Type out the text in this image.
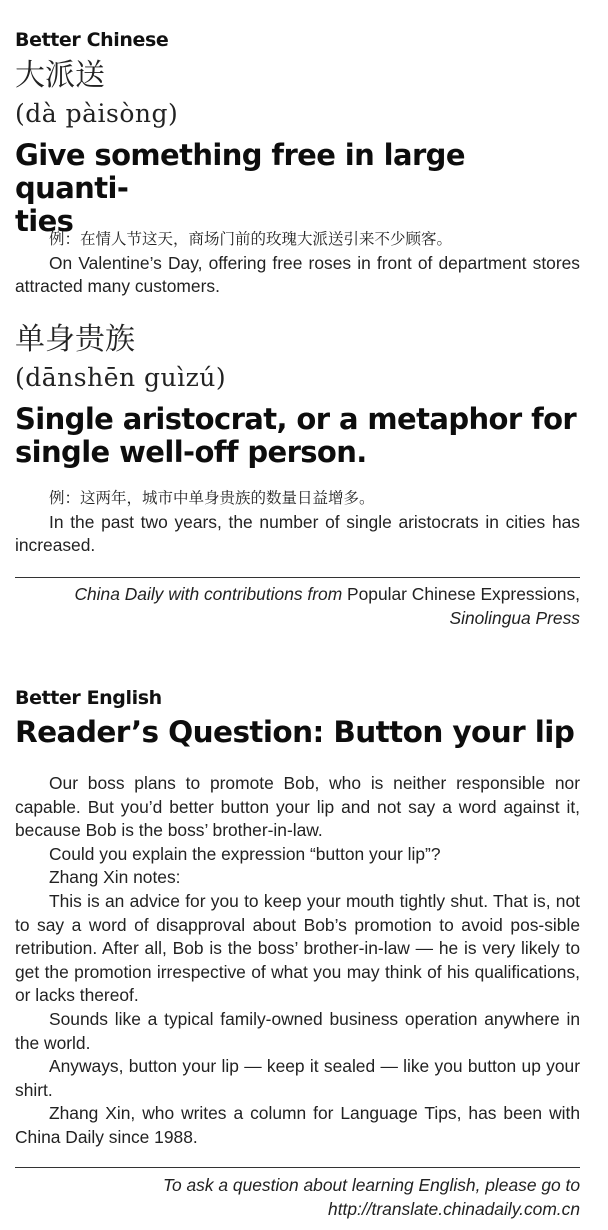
Better Chinese
大派送
(dà pàisòng)
Give something free in large quanti-
ties
例：在情人节这天，商场门前的玫瑰大派送引来不少顾客。

On Valentine’s Day, offering free roses in front of department stores attracted many customers.

单身贵族
(dānshēn guìzú)
Single aristocrat, or a metaphor for
single well-off person.
例：这两年，城市中单身贵族的数量日益增多。

In the past two years, the number of single aristocrats in cities has increased.

China Daily with contributions from Popular Chinese Expressions,
Sinolingua Press
Better English
Reader’s Question: Button your lip

Our boss plans to promote Bob, who is neither responsible nor capable. But you’d better button your lip and not say a word against it, because Bob is the boss’ brother-in-law.

Could you explain the expression “button your lip”?

Zhang Xin notes:

This is an advice for you to keep your mouth tightly shut. That is, not to say a word of disapproval about Bob’s promotion to avoid pos-sible retribution. After all, Bob is the boss’ brother-in-law — he is very likely to get the promotion irrespective of what you may think of his qualifications, or lacks thereof.

Sounds like a typical family-owned business operation anywhere in the world.

Anyways, button your lip — keep it sealed — like you button up your shirt.

Zhang Xin, who writes a column for Language Tips, has been with China Daily since 1988.

To ask a question about learning English, please go to
http://translate.chinadaily.com.cn
